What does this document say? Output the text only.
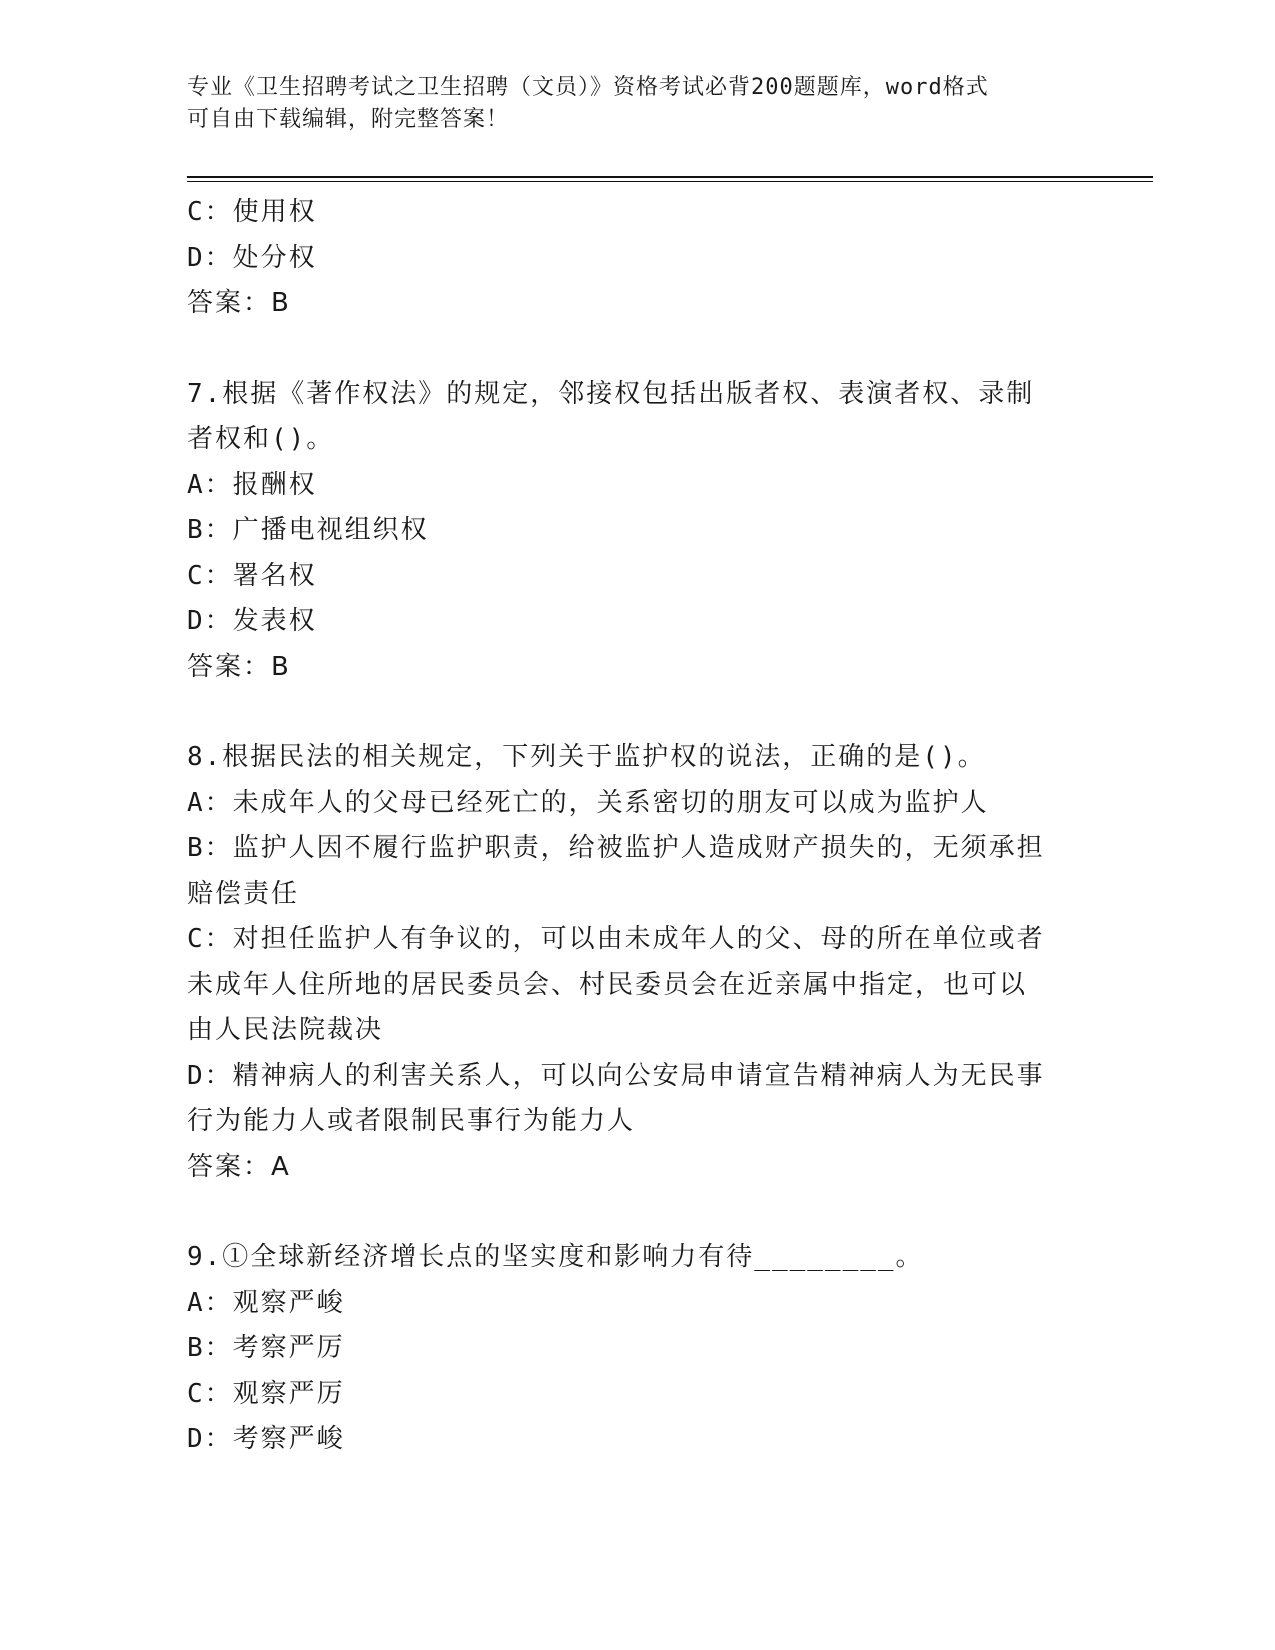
专业《卫生招聘考试之卫生招聘（文员）》资格考试必背200题题库，word格式
可自由下载编辑，附完整答案！

C：使用权

D：处分权

答案：B

7.根据《著作权法》的规定，邻接权包括出版者权、表演者权、录制

者权和()。

A：报酬权

B：广播电视组织权

C：署名权

D：发表权

答案：B

8.根据民法的相关规定，下列关于监护权的说法，正确的是()。

A：未成年人的父母已经死亡的，关系密切的朋友可以成为监护人

B：监护人因不履行监护职责，给被监护人造成财产损失的，无须承担

赔偿责任

C：对担任监护人有争议的，可以由未成年人的父、母的所在单位或者

未成年人住所地的居民委员会、村民委员会在近亲属中指定，也可以

由人民法院裁决

D：精神病人的利害关系人，可以向公安局申请宣告精神病人为无民事

行为能力人或者限制民事行为能力人

答案：A

9.①全球新经济增长点的坚实度和影响力有待________。

A：观察严峻

B：考察严厉

C：观察严厉

D：考察严峻
